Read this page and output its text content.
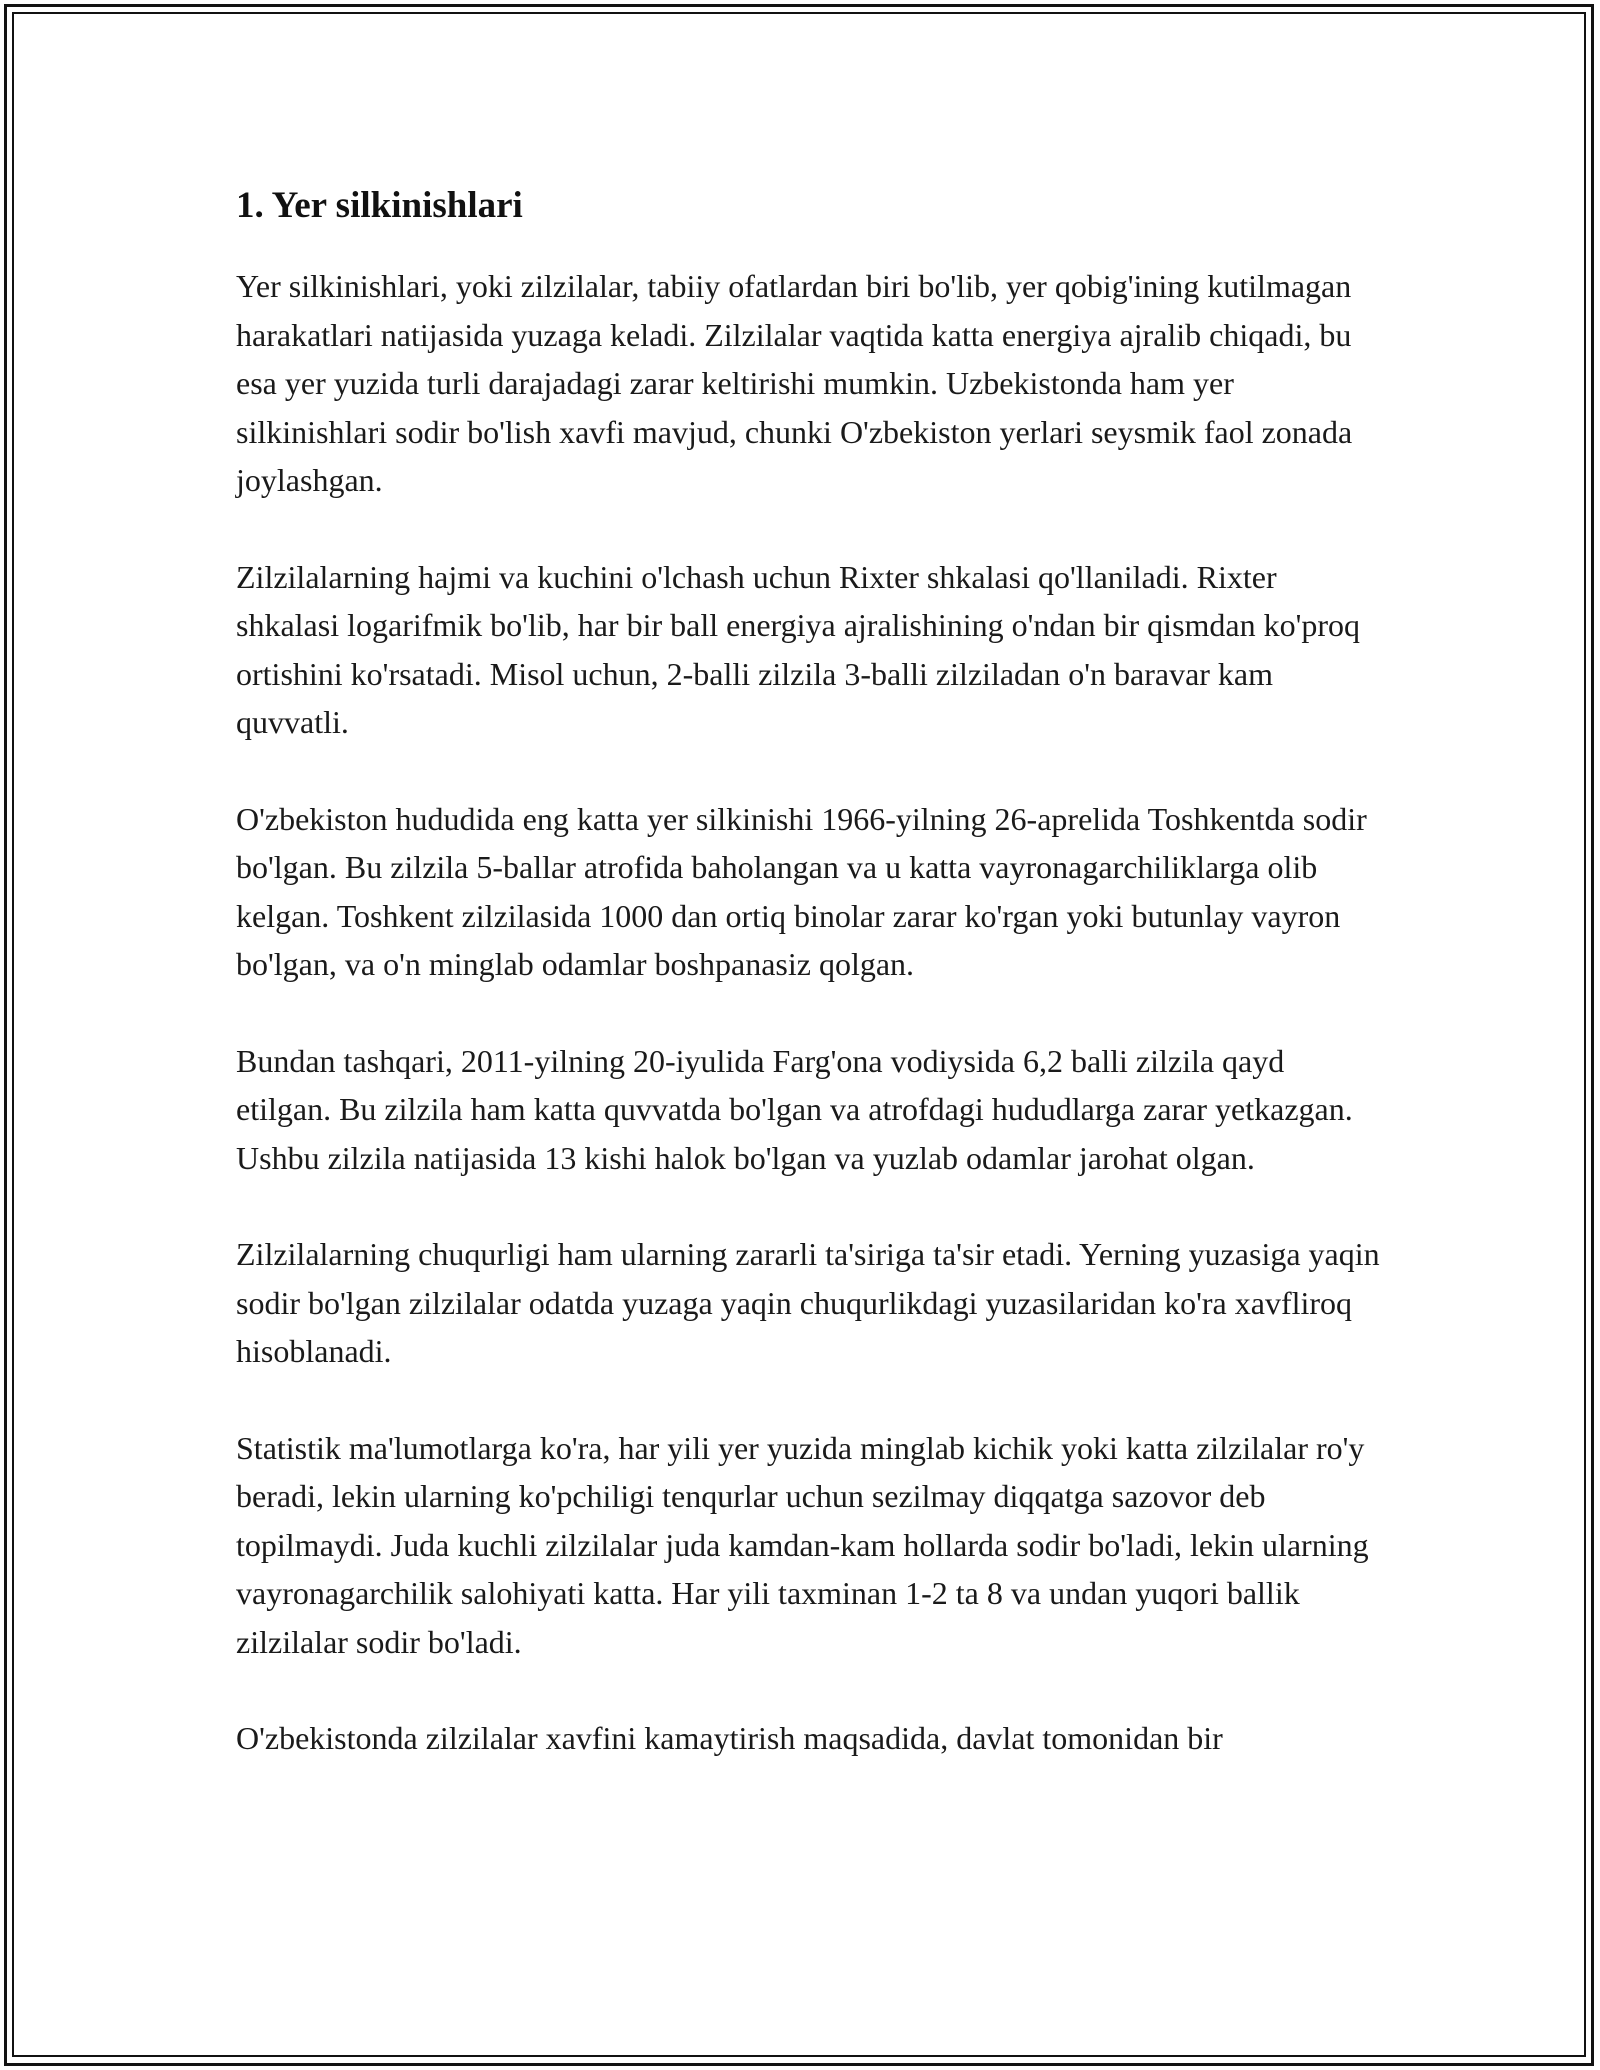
1. Yer silkinishlari

Yer silkinishlari, yoki zilzilalar, tabiiy ofatlardan biri bo'lib, yer qobig'ining kutilmagan harakatlari natijasida yuzaga keladi. Zilzilalar vaqtida katta energiya ajralib chiqadi, bu esa yer yuzida turli darajadagi zarar keltirishi mumkin. Uzbekistonda ham yer silkinishlari sodir bo'lish xavfi mavjud, chunki O'zbekiston yerlari seysmik faol zonada joylashgan.

Zilzilalarning hajmi va kuchini o'lchash uchun Rixter shkalasi qo'llaniladi. Rixter shkalasi logarifmik bo'lib, har bir ball energiya ajralishining o'ndan bir qismdan ko'proq ortishini ko'rsatadi. Misol uchun, 2-balli zilzila 3-balli zilziladan o'n baravar kam quvvatli.

O'zbekiston hududida eng katta yer silkinishi 1966-yilning 26-aprelida Toshkentda sodir bo'lgan. Bu zilzila 5-ballar atrofida baholangan va u katta vayronagarchiliklarga olib kelgan. Toshkent zilzilasida 1000 dan ortiq binolar zarar ko'rgan yoki butunlay vayron bo'lgan, va o'n minglab odamlar boshpanasiz qolgan.

Bundan tashqari, 2011-yilning 20-iyulida Farg'ona vodiysida 6,2 balli zilzila qayd etilgan. Bu zilzila ham katta quvvatda bo'lgan va atrofdagi hududlarga zarar yetkazgan. Ushbu zilzila natijasida 13 kishi halok bo'lgan va yuzlab odamlar jarohat olgan.

Zilzilalarning chuqurligi ham ularning zararli ta'siriga ta'sir etadi. Yerning yuzasiga yaqin sodir bo'lgan zilzilalar odatda yuzaga yaqin chuqurlikdagi yuzasilaridan ko'ra xavfliroq hisoblanadi.

Statistik ma'lumotlarga ko'ra, har yili yer yuzida minglab kichik yoki katta zilzilalar ro'y beradi, lekin ularning ko'pchiligi tenqurlar uchun sezilmay diqqatga sazovor deb topilmaydi. Juda kuchli zilzilalar juda kamdan-kam hollarda sodir bo'ladi, lekin ularning vayronagarchilik salohiyati katta. Har yili taxminan 1-2 ta 8 va undan yuqori ballik zilzilalar sodir bo'ladi.

O'zbekistonda zilzilalar xavfini kamaytirish maqsadida, davlat tomonidan bir
